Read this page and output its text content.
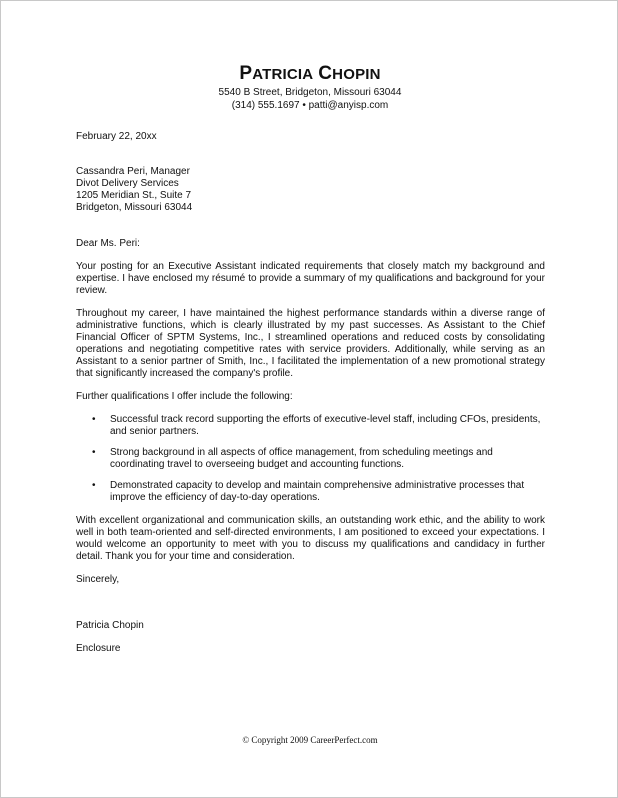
PATRICIA CHOPIN
5540 B Street, Bridgeton, Missouri 63044
(314) 555.1697 • patti@anyisp.com

February 22, 20xx

Cassandra Peri, Manager
Divot Delivery Services
1205 Meridian St., Suite 7
Bridgeton, Missouri 63044

Dear Ms. Peri:

Your posting for an Executive Assistant indicated requirements that closely match my background and expertise. I have enclosed my résumé to provide a summary of my qualifications and background for your review.

Throughout my career, I have maintained the highest performance standards within a diverse range of administrative functions, which is clearly illustrated by my past successes. As Assistant to the Chief Financial Officer of SPTM Systems, Inc., I streamlined operations and reduced costs by consolidating operations and negotiating competitive rates with service providers. Additionally, while serving as an Assistant to a senior partner of Smith, Inc., I facilitated the implementation of a new promotional strategy that significantly increased the company's profile.

Further qualifications I offer include the following:

• Successful track record supporting the efforts of executive-level staff, including CFOs, presidents, and senior partners.
• Strong background in all aspects of office management, from scheduling meetings and coordinating travel to overseeing budget and accounting functions.
• Demonstrated capacity to develop and maintain comprehensive administrative processes that improve the efficiency of day-to-day operations.

With excellent organizational and communication skills, an outstanding work ethic, and the ability to work well in both team-oriented and self-directed environments, I am positioned to exceed your expectations. I would welcome an opportunity to meet with you to discuss my qualifications and candidacy in further detail. Thank you for your time and consideration.

Sincerely,

Patricia Chopin

Enclosure

© Copyright 2009 CareerPerfect.com
